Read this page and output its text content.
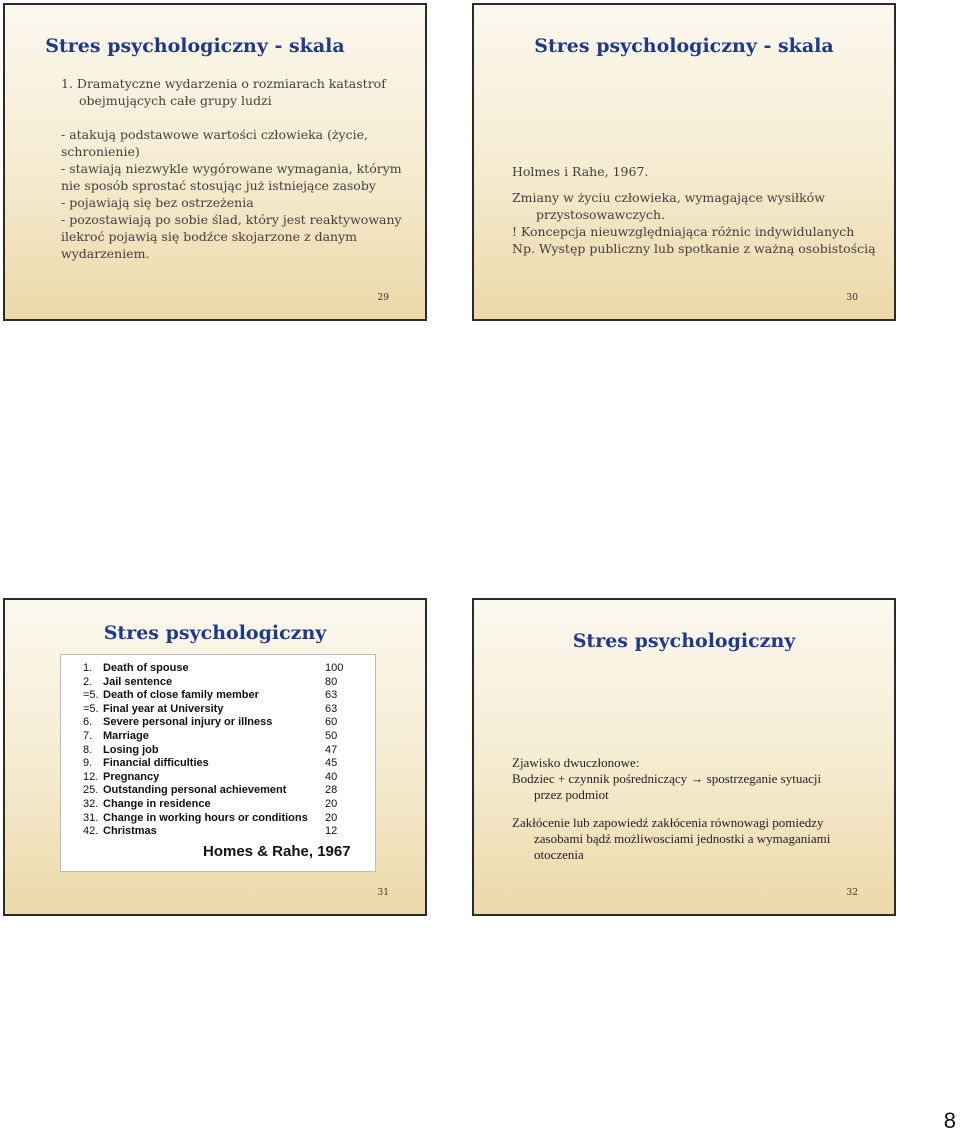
Stres psychologiczny - skala

1. Dramatyczne wydarzenia o rozmiarach katastrof obejmujących całe grupy ludzi

- atakują podstawowe wartości człowieka (życie, schronienie)

- stawiają niezwykle wygórowane wymagania, którym nie sposób sprostać stosując już istniejące zasoby

- pojawiają się bez ostrzeżenia

- pozostawiają po sobie ślad, który jest reaktywowany ilekroć pojawią się bodźce skojarzone z danym wydarzeniem.

29
Stres psychologiczny - skala

Holmes i Rahe, 1967.

Zmiany w życiu człowieka, wymagające wysiłków

przystosowawczych.

! Koncepcja nieuwzględniająca różnic indywidulanych

Np. Występ publiczny lub spotkanie z ważną osobistością

30
Stres psychologiczny
Homes & Rahe, 1967
1. Death of spouse	100
2. Jail sentence	80
=5. Death of close family member	63
=5. Final year at University	63
6. Severe personal injury or illness	60
7. Marriage	50
8. Losing job	47
9. Financial difficulties	45
12. Pregnancy	40
25. Outstanding personal achievement	28
32. Change in residence	20
31. Change in working hours or conditions 20
42. Christmas	12
31
Stres psychologiczny

Zjawisko dwuczłonowe:

Bodziec + czynnik pośredniczący → spostrzeganie sytuacji

przez podmiot

Zakłócenie lub zapowiedź zakłócenia równowagi pomiedzy

zasobami bądź możliwosciami jednostki a wymaganiami

otoczenia

32
8
